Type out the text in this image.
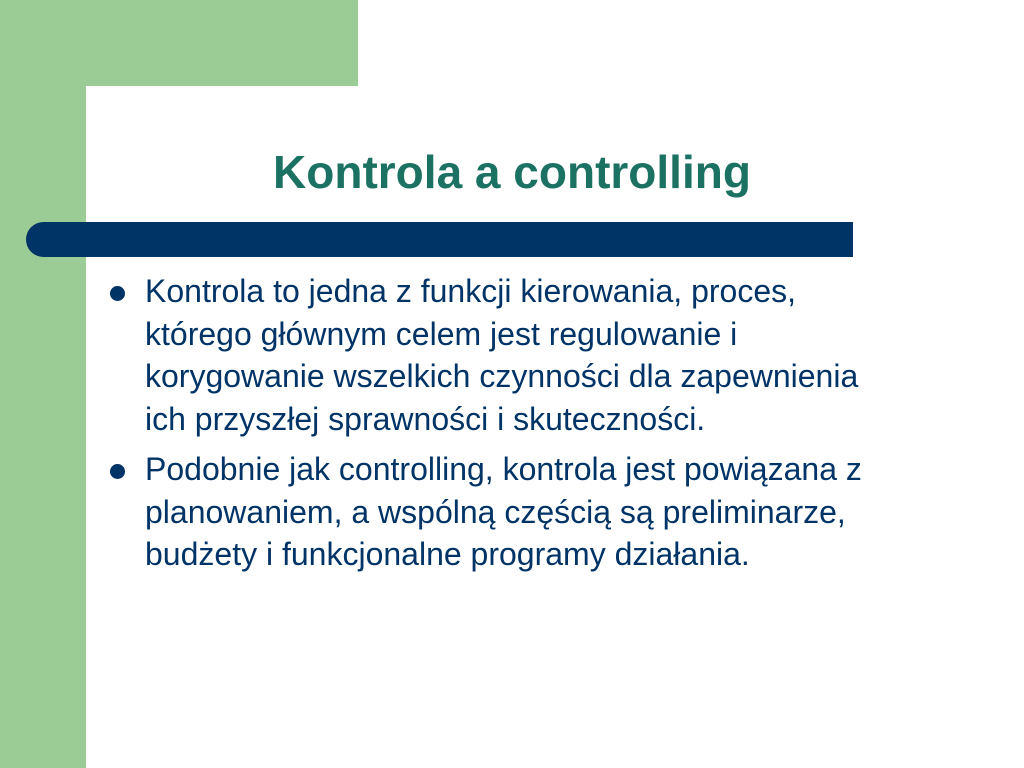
Kontrola a controlling
Kontrola to jedna z funkcji kierowania, proces, którego głównym celem jest regulowanie i korygowanie wszelkich czynności dla zapewnienia ich przyszłej sprawności i skuteczności.
Podobnie jak controlling, kontrola jest powiązana z planowaniem, a wspólną częścią są preliminarze, budżety i funkcjonalne programy działania.
